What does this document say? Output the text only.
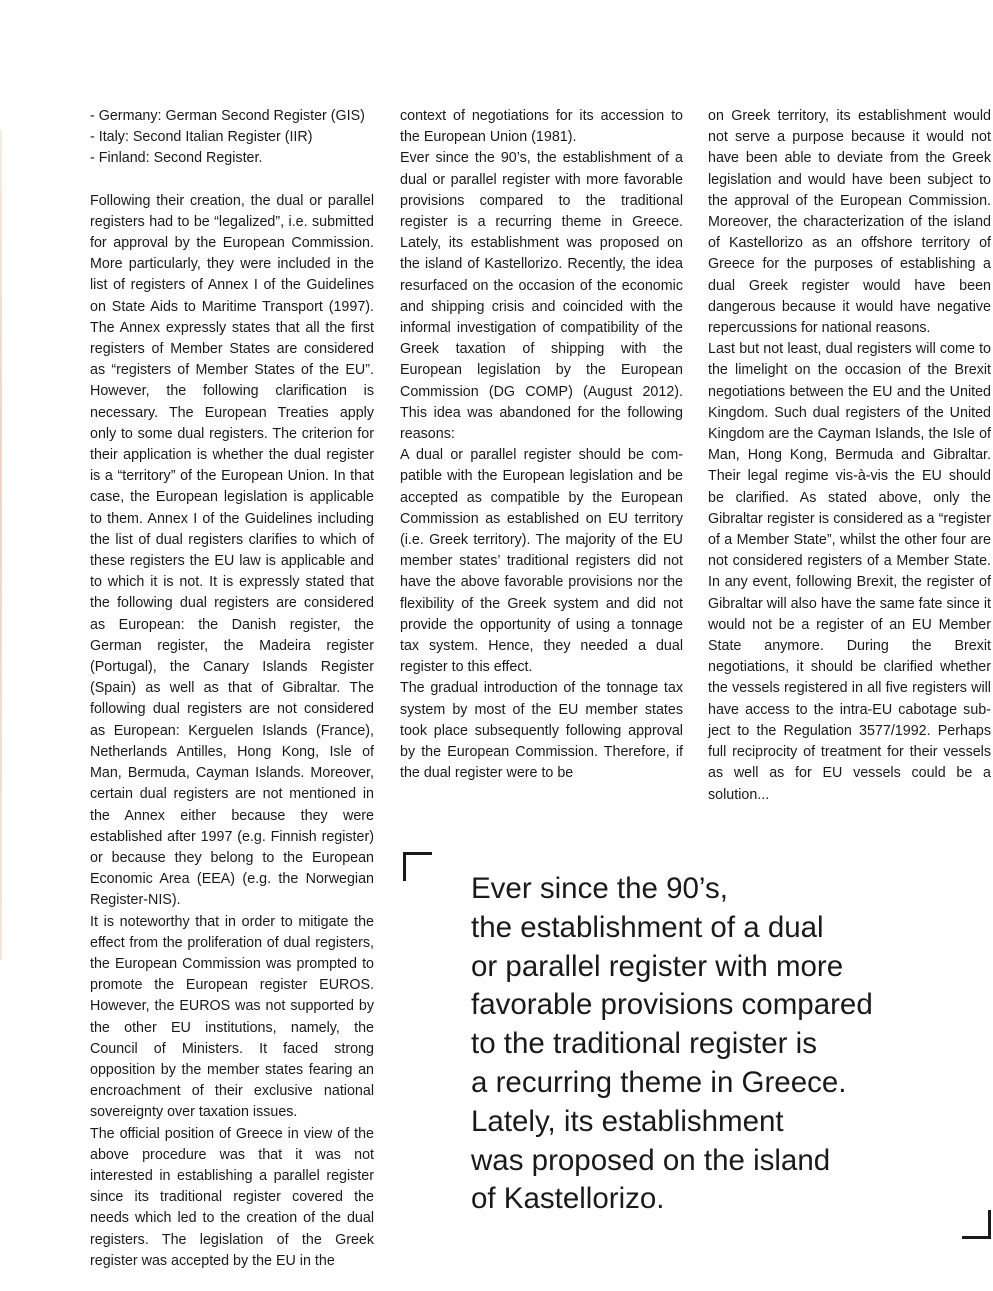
- Germany: German Second Register (GIS)

- Italy: Second Italian Register (IIR)

- Finland: Second Register.

Following their creation, the dual or parallel registers had to be “legalized”, i.e. submitted for approval by the European Commission. More particularly, they were included in the list of registers of Annex I of the Guidelines on State Aids to Maritime Transport (1997). The Annex expressly states that all the first registers of Member States are considered as “registers of Member States of the EU”. However, the following clarification is necessary. The European Treaties apply only to some dual registers. The criterion for their application is whether the dual register is a “territory” of the European Union. In that case, the European legislation is applicable to them. Annex I of the Guidelines including the list of dual registers clarifies to which of these registers the EU law is applicable and to which it is not. It is expressly stated that the following dual registers are considered as European: the Danish register, the German register, the Madeira register (Portugal), the Canary Islands Register (Spain) as well as that of Gibraltar. The following dual registers are not considered as European: Kerguelen Islands (France), Netherlands Antilles, Hong Kong, Isle of Man, Bermuda, Cayman Islands. Moreover, certain dual registers are not mentioned in the Annex either because they were established after 1997 (e.g. Finnish register) or because they belong to the European Economic Area (EEA) (e.g. the Norwegian Register-NIS).

It is noteworthy that in order to mitigate the effect from the proliferation of dual registers, the European Commission was prompted to promote the European register EUROS. However, the EUROS was not supported by the other EU institutions, namely, the Council of Ministers. It faced strong opposition by the member states fearing an encroachment of their exclusive national sovereignty over taxation issues.

The official position of Greece in view of the above procedure was that it was not interested in establishing a parallel register since its traditional register covered the needs which led to the creation of the dual registers. The legislation of the Greek register was accepted by the EU in the

context of negotiations for its accession to the European Union (1981).

Ever since the 90’s, the establishment of a dual or parallel register with more favorable provisions compared to the traditional register is a recurring theme in Greece. Lately, its establishment was proposed on the island of Kastellorizo. Recently, the idea resurfaced on the occasion of the economic and shipping crisis and coincided with the informal investigation of compatibility of the Greek taxation of shipping with the European legislation by the European Commission (DG COMP) (August 2012). This idea was abandoned for the following reasons:

A dual or parallel register should be compatible with the European legislation and be accepted as compatible by the European Commission as established on EU territory (i.e. Greek territory). The majority of the EU member states’ traditional registers did not have the above favorable provisions nor the flexibility of the Greek system and did not provide the opportunity of using a tonnage tax system. Hence, they needed a dual register to this effect.

The gradual introduction of the tonnage tax system by most of the EU member states took place subsequently following approval by the European Commission. Therefore, if the dual register were to be

on Greek territory, its establishment would not serve a purpose because it would not have been able to deviate from the Greek legislation and would have been subject to the approval of the European Commission. Moreover, the characterization of the island of Kastellorizo as an offshore territory of Greece for the purposes of establishing a dual Greek register would have been dangerous because it would have negative repercussions for national reasons.

Last but not least, dual registers will come to the limelight on the occasion of the Brexit negotiations between the EU and the United Kingdom. Such dual registers of the United Kingdom are the Cayman Islands, the Isle of Man, Hong Kong, Bermuda and Gibraltar. Their legal regime vis-à-vis the EU should be clarified. As stated above, only the Gibraltar register is considered as a “register of a Member State”, whilst the other four are not considered registers of a Member State. In any event, following Brexit, the register of Gibraltar will also have the same fate since it would not be a register of an EU Member State anymore. During the Brexit negotiations, it should be clarified whether the vessels registered in all five registers will have access to the intra-EU cabotage subject to the Regulation 3577/1992. Perhaps full reciprocity of treatment for their vessels as well as for EU vessels could be a solution...

Ever since the 90’s,
the establishment of a dual
or parallel register with more
favorable provisions compared
to the traditional register is
a recurring theme in Greece.
Lately, its establishment
was proposed on the island
of Kastellorizo.
